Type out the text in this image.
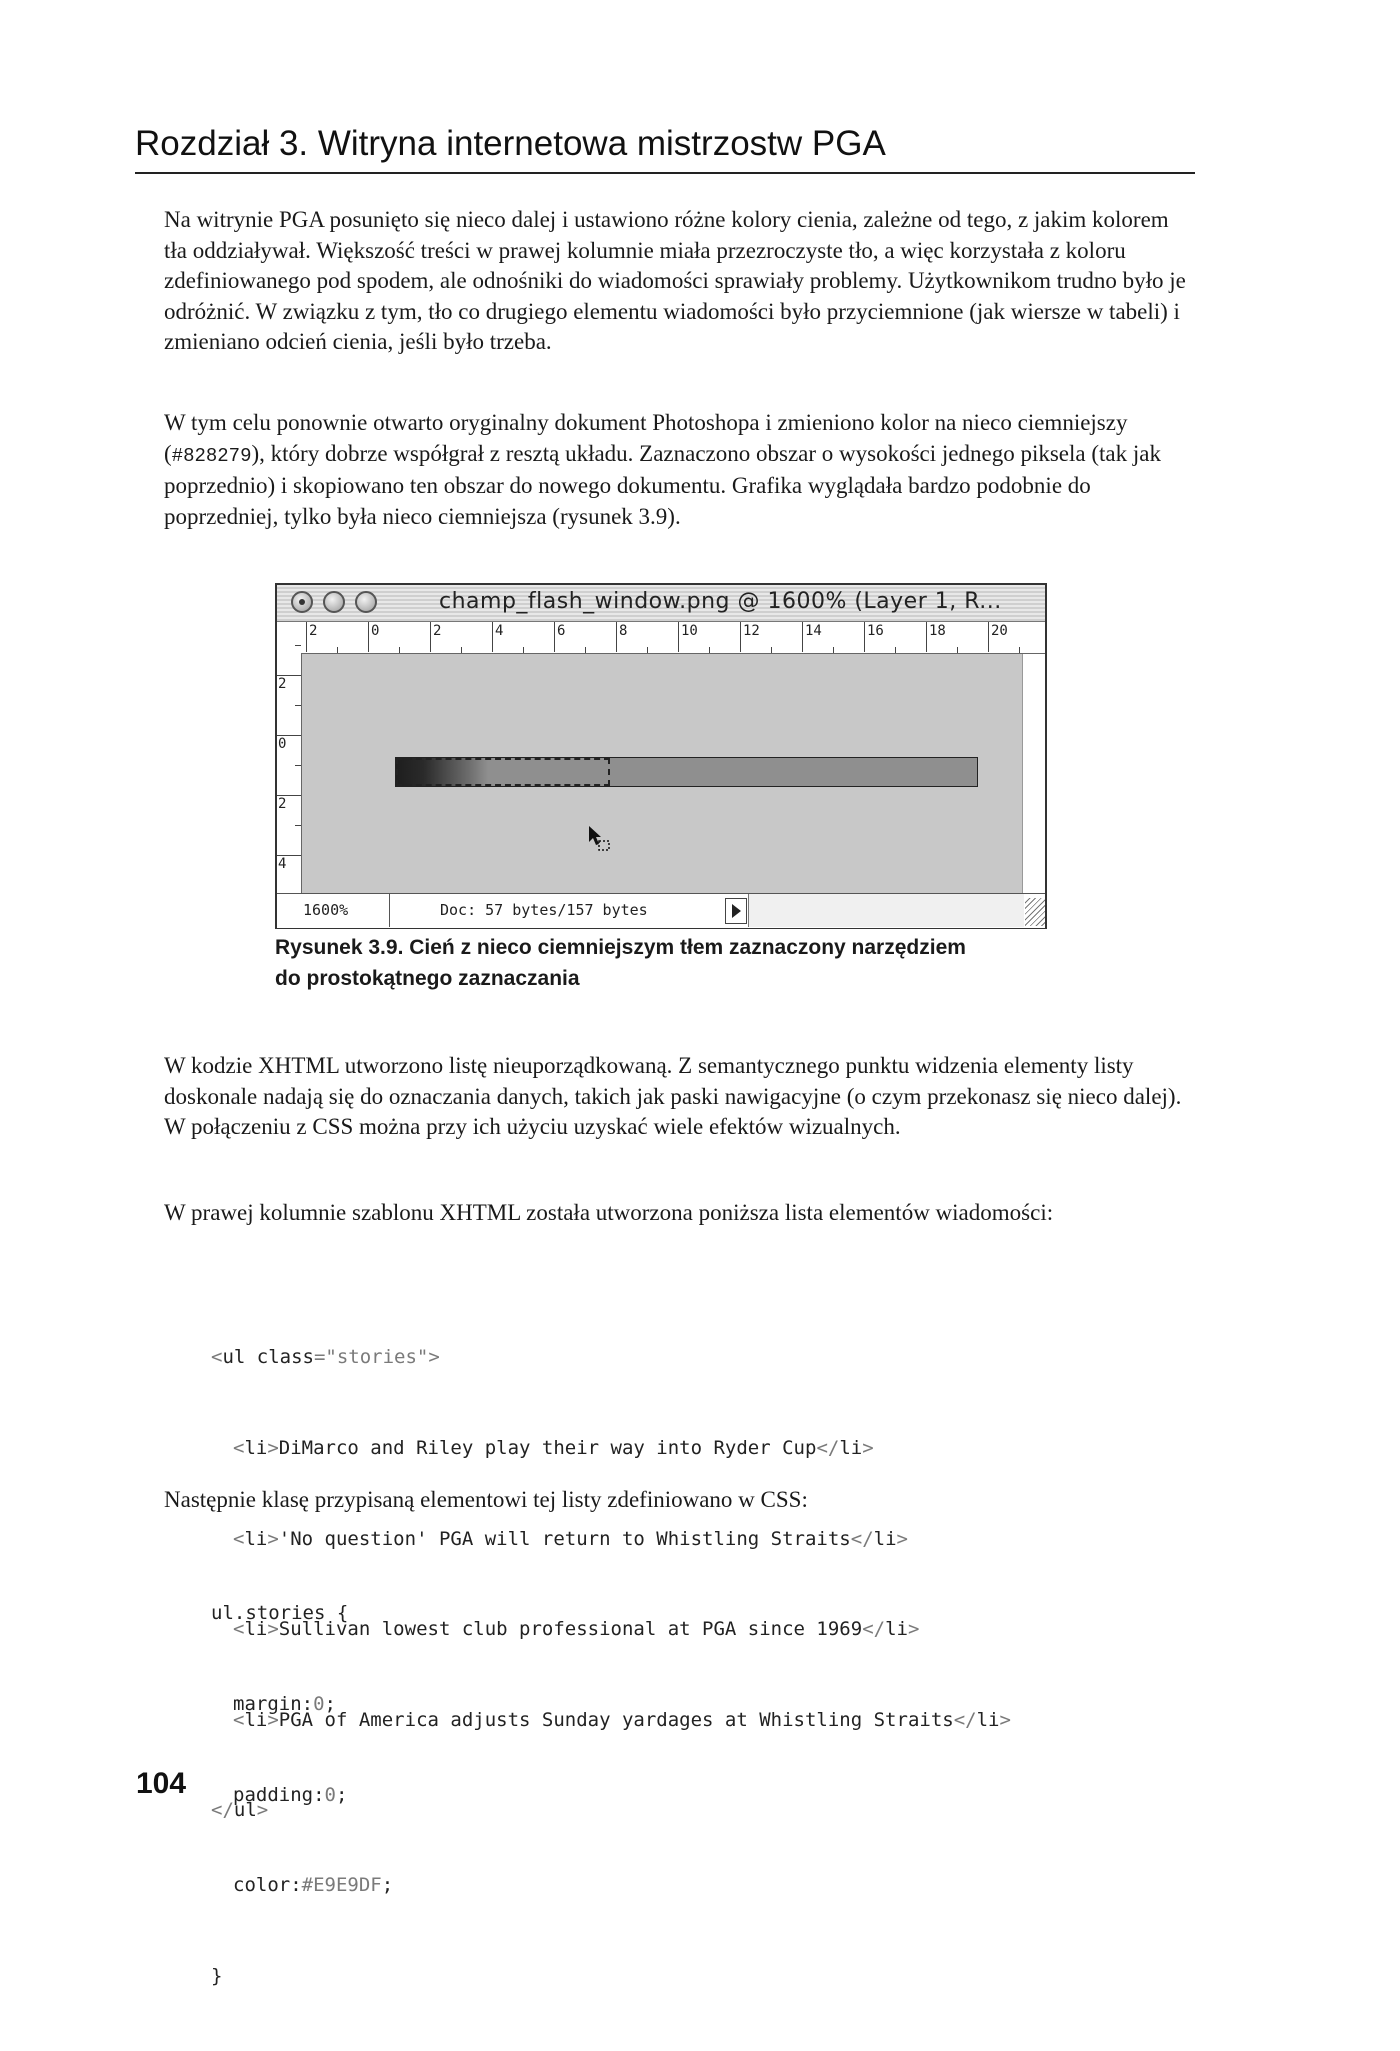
Rozdział 3. Witryna internetowa mistrzostw PGA

Na witrynie PGA posunięto się nieco dalej i ustawiono różne kolory cienia, zależne od tego, z jakim kolorem tła oddziaływał. Większość treści w prawej kolumnie miała przezroczyste tło, a więc korzystała z koloru zdefiniowanego pod spodem, ale odnośniki do wiadomości sprawiały problemy. Użytkownikom trudno było je odróżnić. W związku z tym, tło co drugiego elementu wiadomości było przyciemnione (jak wiersze w tabeli) i zmieniano odcień cienia, jeśli było trzeba.

W tym celu ponownie otwarto oryginalny dokument Photoshopa i zmieniono kolor na nieco ciemniejszy (#828279), który dobrze współgrał z resztą układu. Zaznaczono obszar o wysokości jednego piksela (tak jak poprzednio) i skopiowano ten obszar do nowego dokumentu. Grafika wyglądała bardzo podobnie do poprzedniej, tylko była nieco ciemniejsza (rysunek 3.9).

champ_flash_window.png @ 1600% (Layer 1, R...
2	0	2	4	6	8	10	12	14	16	18	20
2
0
2
4
1600%	Doc: 57 bytes/157 bytes
Rysunek 3.9. Cień z nieco ciemniejszym tłem zaznaczony narzędziem
do prostokątnego zaznaczania

W kodzie XHTML utworzono listę nieuporządkowaną. Z semantycznego punktu widzenia elementy listy doskonale nadają się do oznaczania danych, takich jak paski nawigacyjne (o czym przekonasz się nieco dalej). W połączeniu z CSS można przy ich użyciu uzyskać wiele efektów wizualnych.

W prawej kolumnie szablonu XHTML została utworzona poniższa lista elementów wiadomości:

<ul class="stories">

<li>DiMarco and Riley play their way into Ryder Cup</li>

<li>'No question' PGA will return to Whistling Straits</li>

<li>Sullivan lowest club professional at PGA since 1969</li>

<li>PGA of America adjusts Sunday yardages at Whistling Straits</li>

</ul>

Następnie klasę przypisaną elementowi tej listy zdefiniowano w CSS:

ul.stories {

margin:0;

padding:0;

color:#E9E9DF;

}

104
